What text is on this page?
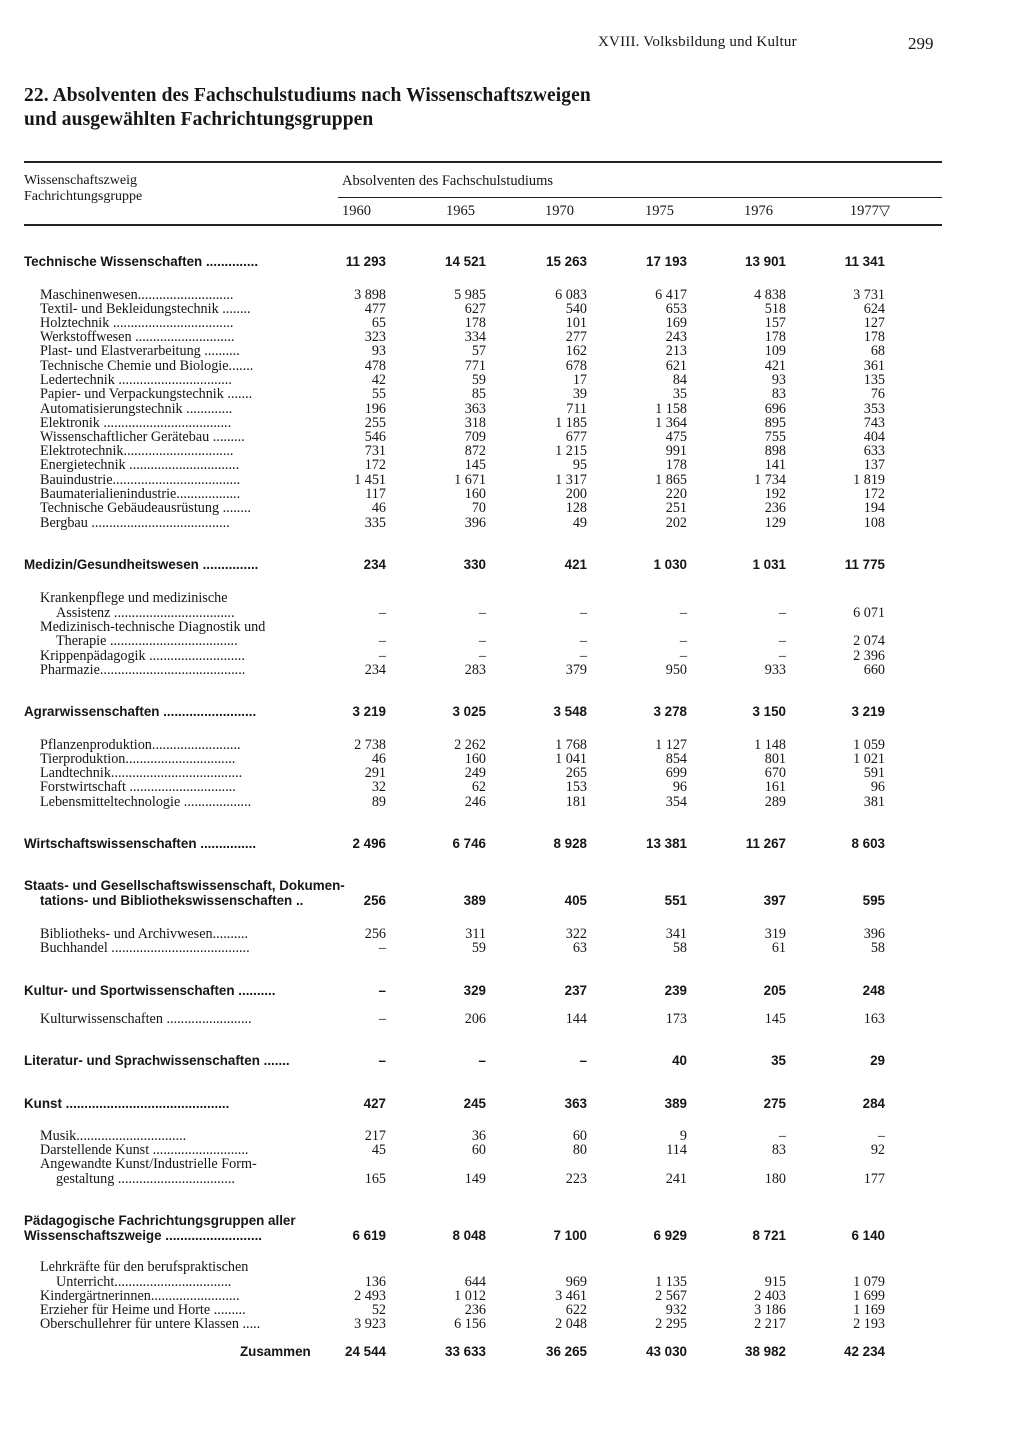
XVIII. Volksbildung und Kultur	299
22. Absolventen des Fachschulstudiums nach Wissenschaftszweigen
und ausgewählten Fachrichtungsgruppen
Wissenschaftszweig
Fachrichtungsgruppe
Absolventen des Fachschulstudiums
1960	1965	1970	1975	1976	1977▽
Technische Wissenschaften ..............	11 293	14 521	15 263	17 193	13 901	11 341
Maschinenwesen...........................	3 898	5 985	6 083	6 417	4 838	3 731
Textil- und Bekleidungstechnik ........	477	627	540	653	518	624
Holztechnik ..................................	65	178	101	169	157	127
Werkstoffwesen ............................	323	334	277	243	178	178
Plast- und Elastverarbeitung ..........	93	57	162	213	109	68
Technische Chemie und Biologie.......	478	771	678	621	421	361
Ledertechnik ................................	42	59	17	84	93	135
Papier- und Verpackungstechnik .......	55	85	39	35	83	76
Automatisierungstechnik .............	196	363	711	1 158	696	353
Elektronik ....................................	255	318	1 185	1 364	895	743
Wissenschaftlicher Gerätebau .........	546	709	677	475	755	404
Elektrotechnik...............................	731	872	1 215	991	898	633
Energietechnik ...............................	172	145	95	178	141	137
Bauindustrie....................................	1 451	1 671	1 317	1 865	1 734	1 819
Baumaterialienindustrie..................	117	160	200	220	192	172
Technische Gebäudeausrüstung ........	46	70	128	251	236	194
Bergbau .......................................	335	396	49	202	129	108
Medizin/Gesundheitswesen ...............	234	330	421	1 030	1 031	11 775
Krankenpflege und medizinische
Assistenz ..................................	–	–	–	–	–	6 071
Medizinisch-technische Diagnostik und
Therapie ....................................	–	–	–	–	–	2 074
Krippenpädagogik ...........................	–	–	–	–	–	2 396
Pharmazie.........................................	234	283	379	950	933	660
Agrarwissenschaften .........................	3 219	3 025	3 548	3 278	3 150	3 219
Pflanzenproduktion.........................	2 738	2 262	1 768	1 127	1 148	1 059
Tierproduktion...............................	46	160	1 041	854	801	1 021
Landtechnik.....................................	291	249	265	699	670	591
Forstwirtschaft ..............................	32	62	153	96	161	96
Lebensmitteltechnologie ...................	89	246	181	354	289	381
Wirtschaftswissenschaften ...............	2 496	6 746	8 928	13 381	11 267	8 603
Staats- und Gesellschaftswissenschaft, Dokumen-
tations- und Bibliothekswissenschaften ..	256	389	405	551	397	595
Bibliotheks- und Archivwesen..........	256	311	322	341	319	396
Buchhandel .......................................	–	59	63	58	61	58
Kultur- und Sportwissenschaften ..........	–	329	237	239	205	248
Kulturwissenschaften ........................	–	206	144	173	145	163
Literatur- und Sprachwissenschaften .......	–	–	–	40	35	29
Kunst ............................................	427	245	363	389	275	284
Musik...............................	217	36	60	9	–	–
Darstellende Kunst ...........................	45	60	80	114	83	92
Angewandte Kunst/Industrielle Form-
gestaltung .................................	165	149	223	241	180	177
Pädagogische Fachrichtungsgruppen aller
Wissenschaftszweige ..........................	6 619	8 048	7 100	6 929	8 721	6 140
Lehrkräfte für den berufspraktischen
Unterricht.................................	136	644	969	1 135	915	1 079
Kindergärtnerinnen.........................	2 493	1 012	3 461	2 567	2 403	1 699
Erzieher für Heime und Horte .........	52	236	622	932	3 186	1 169
Oberschullehrer für untere Klassen .....	3 923	6 156	2 048	2 295	2 217	2 193
Zusammen	24 544	33 633	36 265	43 030	38 982	42 234
